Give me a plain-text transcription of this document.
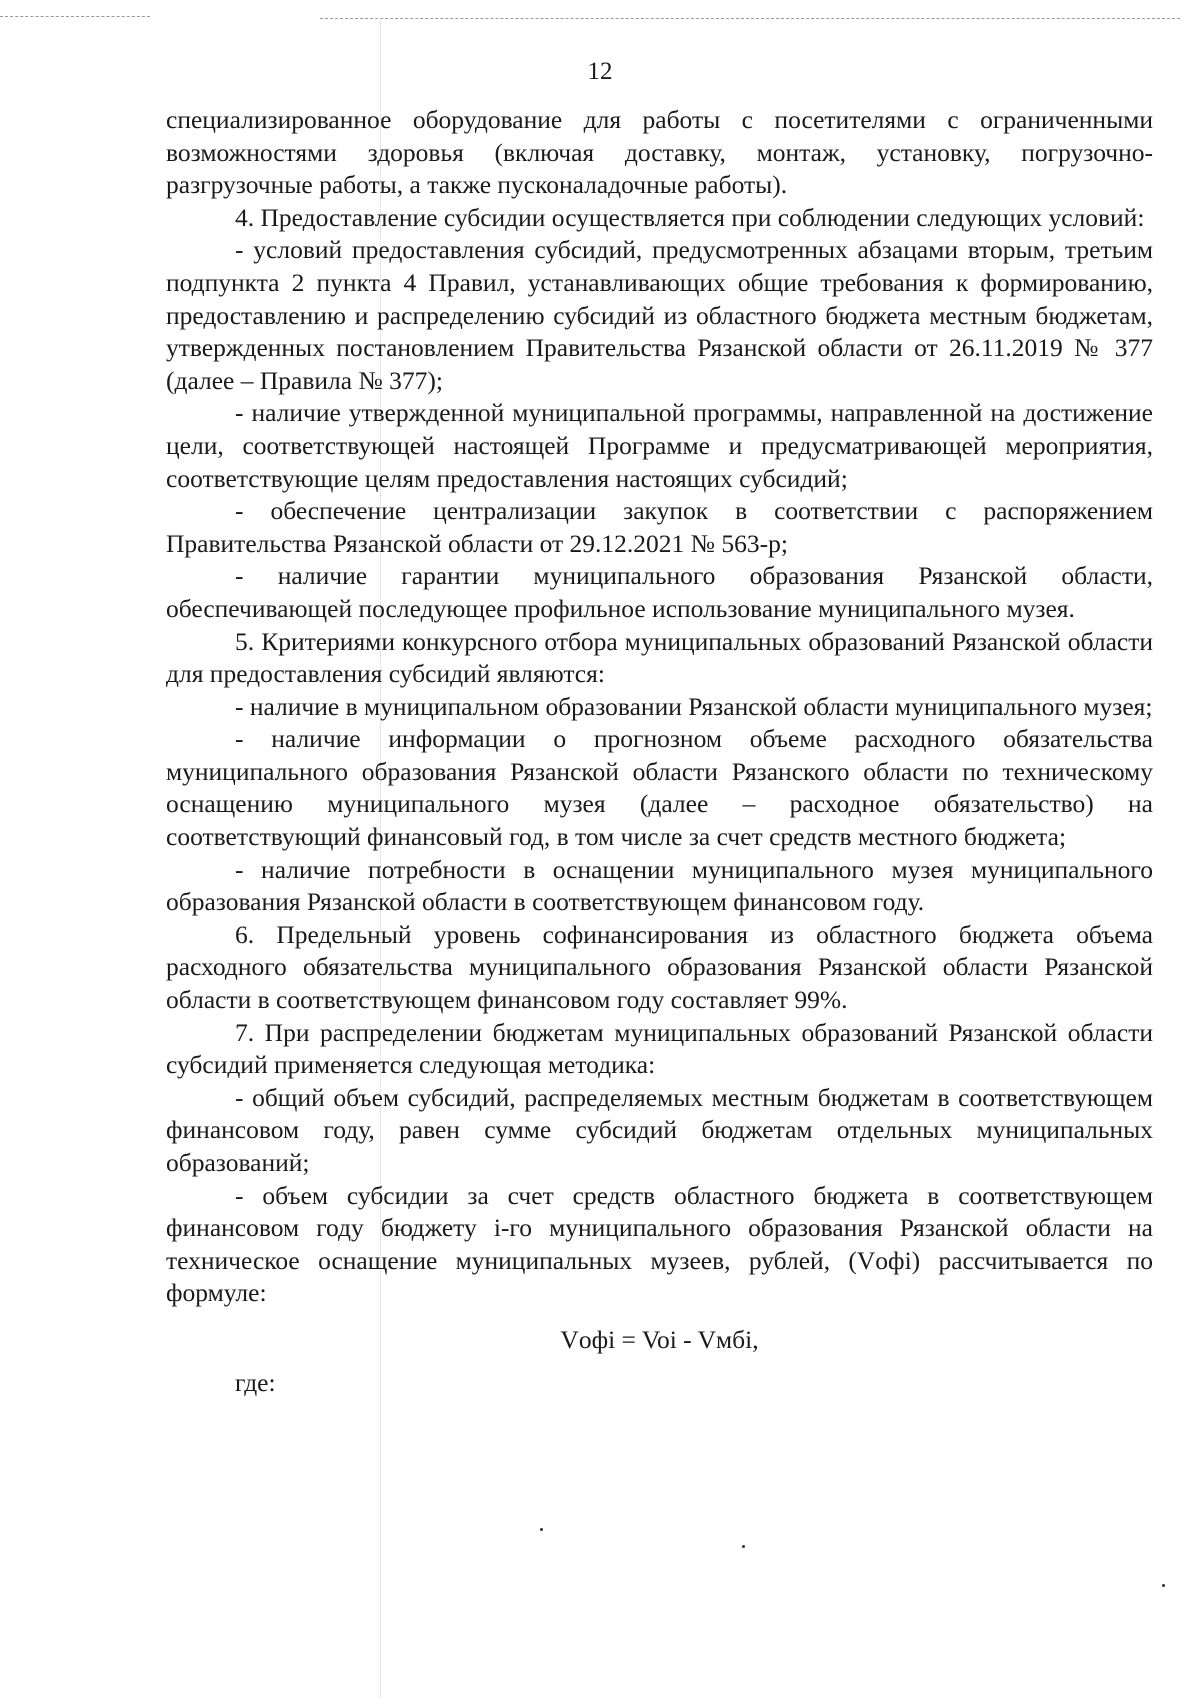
12

специализированное оборудование для работы с посетителями с ограниченными возможностями здоровья (включая доставку, монтаж, установку, погрузочно-разгрузочные работы, а также пусконаладочные работы).

4. Предоставление субсидии осуществляется при соблюдении следующих условий:

- условий предоставления субсидий, предусмотренных абзацами вторым, третьим подпункта 2 пункта 4 Правил, устанавливающих общие требования к формированию, предоставлению и распределению субсидий из областного бюджета местным бюджетам, утвержденных постановлением Правительства Рязанской области от 26.11.2019 № 377 (далее – Правила № 377);

- наличие утвержденной муниципальной программы, направленной на достижение цели, соответствующей настоящей Программе и предусматривающей мероприятия, соответствующие целям предоставления настоящих субсидий;

- обеспечение централизации закупок в соответствии с распоряжением Правительства Рязанской области от 29.12.2021 № 563-р;

- наличие гарантии муниципального образования Рязанской области, обеспечивающей последующее профильное использование муниципального музея.

5. Критериями конкурсного отбора муниципальных образований Рязанской области для предоставления субсидий являются:

- наличие в муниципальном образовании Рязанской области муниципального музея;

- наличие информации о прогнозном объеме расходного обязательства муниципального образования Рязанской области Рязанского области по техническому оснащению муниципального музея (далее – расходное обязательство) на соответствующий финансовый год, в том числе за счет средств местного бюджета;

- наличие потребности в оснащении муниципального музея муниципального образования Рязанской области в соответствующем финансовом году.

6. Предельный уровень софинансирования из областного бюджета объема расходного обязательства муниципального образования Рязанской области Рязанской области в соответствующем финансовом году составляет 99%.

7. При распределении бюджетам муниципальных образований Рязанской области субсидий применяется следующая методика:

- общий объем субсидий, распределяемых местным бюджетам в соответствующем финансовом году, равен сумме субсидий бюджетам отдельных муниципальных образований;

- объем субсидии за счет средств областного бюджета в соответствующем финансовом году бюджету i-го муниципального образования Рязанской области на техническое оснащение муниципальных музеев, рублей, (Vофi) рассчитывается по формуле:

Vофi = Voi - Vмбi,

где:
